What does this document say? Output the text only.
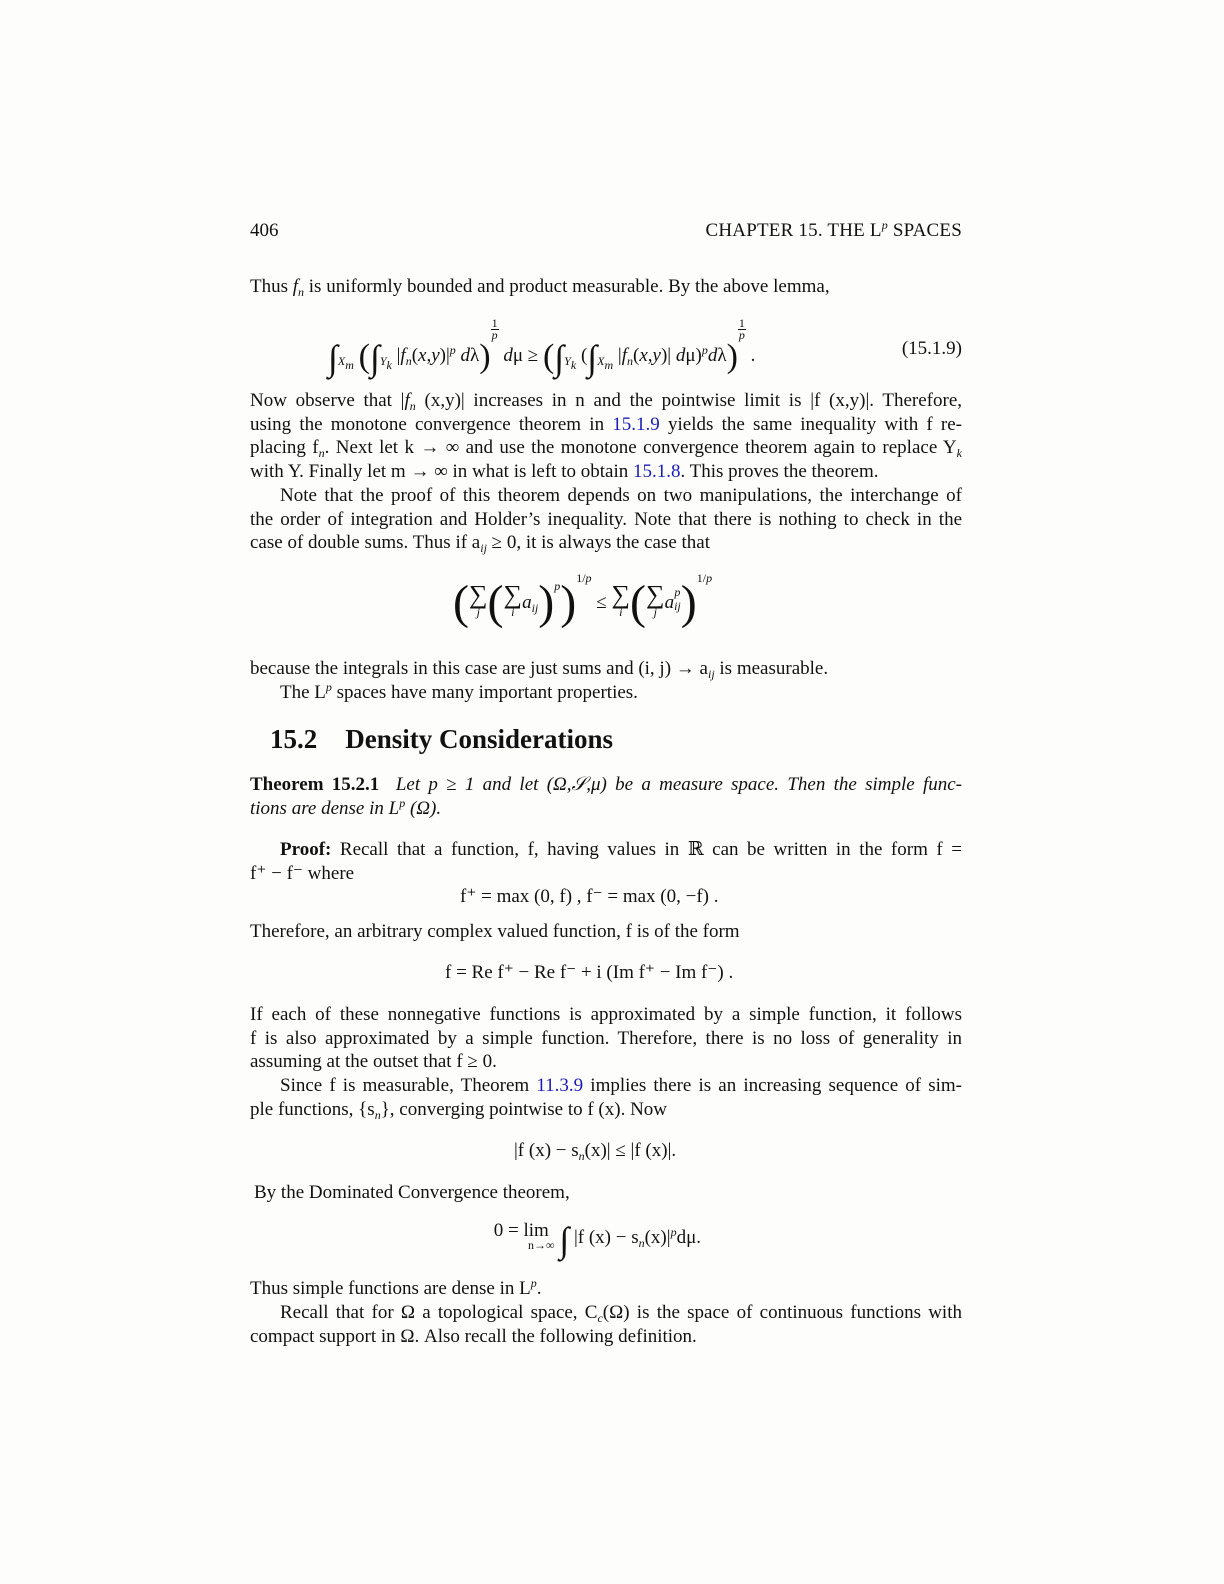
406	CHAPTER 15. THE $L^p$ SPACES
Thus $f_n$ is uniformly bounded and product measurable. By the above lemma,
$\int_{X_m}$ ($\int_{Y_k}$ $|f_n(x,y)|^p$ dλ)
$\frac{1}{p}$
$d\mu \ge (\int_{Y_k}$ ($\int_{X_m}$ $|f_n(x,y)|$ dμ)$^p$dλ)
$\frac{1}{p}$
.	(15.1.9)
Now observe that $|f_n$ (x,y)| increases in n and the pointwise limit is |f (x,y)|. Therefore,
using the monotone convergence theorem in 15.1.9 yields the same inequality with f re-
placing $f_n$. Next let k → ∞ and use the monotone convergence theorem again to replace $Y_k$
with Y. Finally let m → ∞ in what is left to obtain 15.1.8. This proves the theorem.
Note that the proof of this theorem depends on two manipulations, the interchange of
the order of integration and Holder’s inequality. Note that there is nothing to check in the
case of double sums. Thus if $a_{ij} \ge 0$, it is always the case that
(∑
j (∑
i $a_{ij})^p)^{1/p}$ ≤ ∑
i (∑
j a p
ij )$^{1/p}$
because the integrals in this case are just sums and (i, $j) \to a_{ij}$ is measurable.
The $L^p$ spaces have many important properties.
15.2 Density Considerations
Theorem 15.2.1 Let p ≥ 1 and let (Ω,𝒮,μ) be a measure space. Then the simple func-
tions are dense in $L^p$ (Ω).
Proof: Recall that a function, f, having values in ℝ can be written in the form f =
f⁺ − f⁻ where
f⁺ = max (0, f) , f⁻ = max (0, −f) .
Therefore, an arbitrary complex valued function, f is of the form
f = Re f⁺ − Re f⁻ + i (Im f⁺ − Im f⁻) .
If each of these nonnegative functions is approximated by a simple function, it follows
f is also approximated by a simple function. Therefore, there is no loss of generality in
assuming at the outset that f ≥ 0.
Since f is measurable, Theorem 11.3.9 implies there is an increasing sequence of sim-
ple functions, $\{s_n\}$, converging pointwise to f (x). Now
|f $(x) - s_n(x)| \le |f$ (x)|.
By the Dominated Convergence theorem,
0 = lim
n→∞ ∫ |f $(x) - s_n(x)|^pd\mu$.
Thus simple functions are dense in $L^p$.
Recall that for Ω a topological space, $C_c(\Omega)$ is the space of continuous functions with
compact support in Ω. Also recall the following definition.
